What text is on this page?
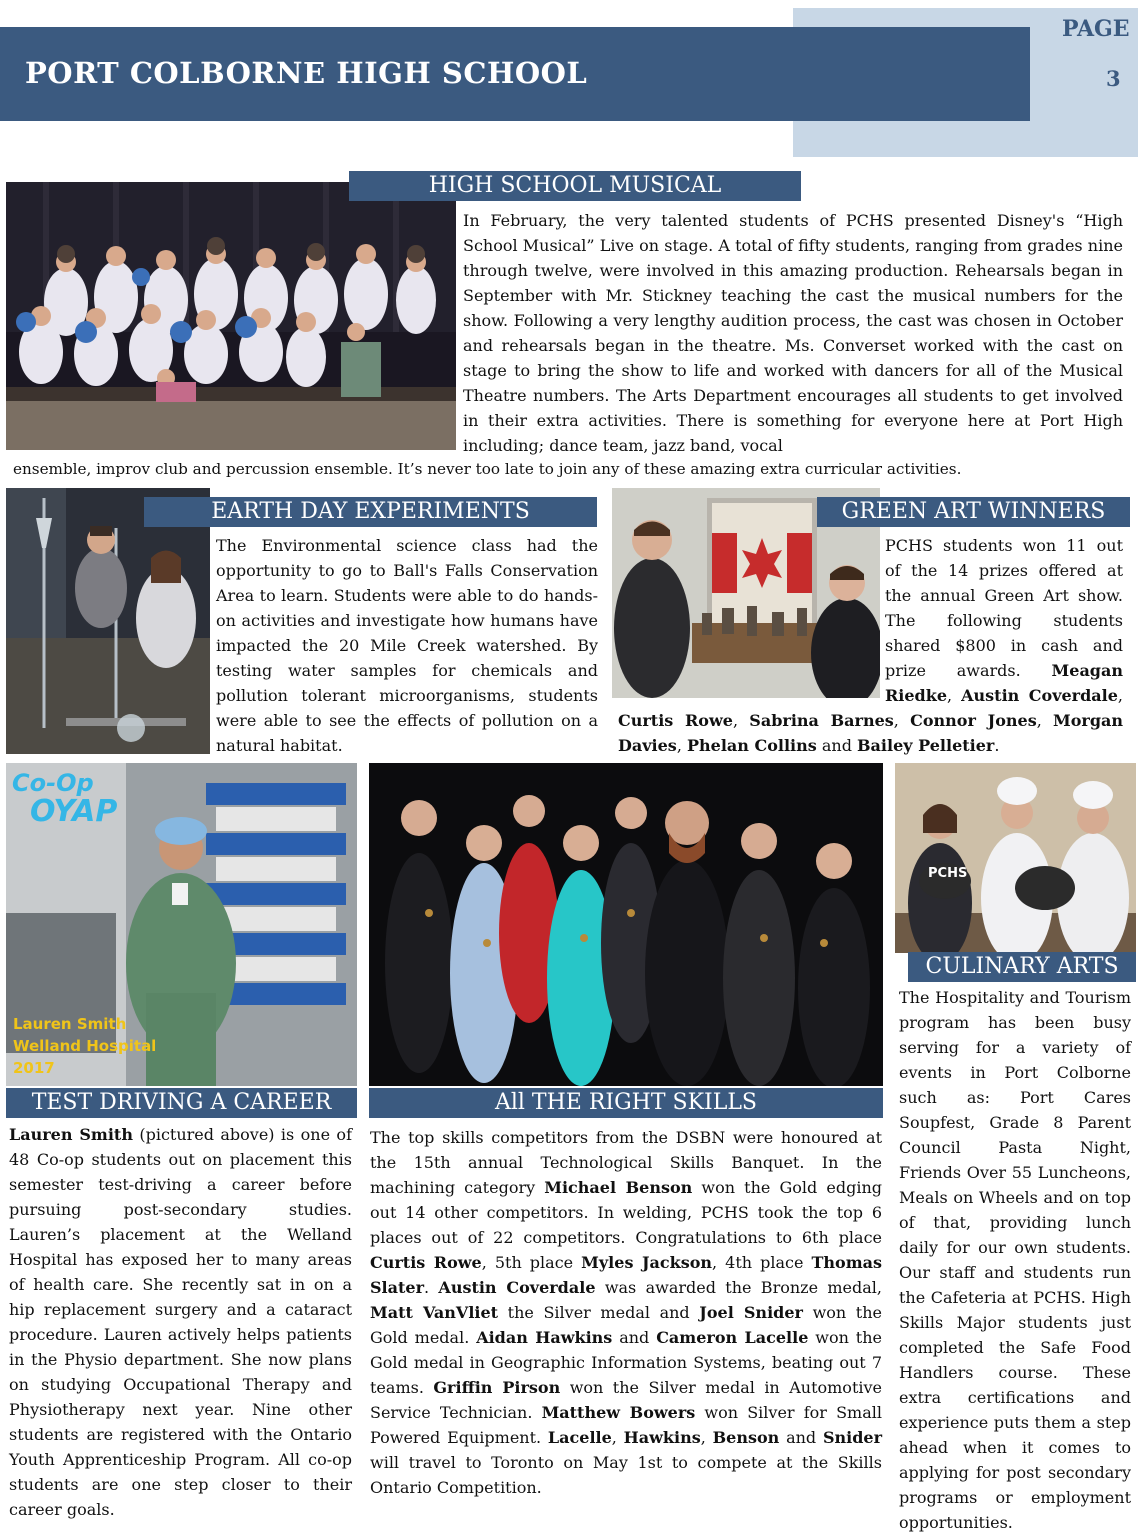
PAGE
3
PORT COLBORNE HIGH SCHOOL
HIGH SCHOOL MUSICAL

In February, the very talented students of PCHS presented Disney's “High School Musical” Live on stage. A total of fifty students, ranging from grades nine through twelve, were involved in this amazing production. Rehearsals began in September with Mr. Stickney teaching the cast the musical numbers for the show. Following a very lengthy audition process, the cast was chosen in October and rehearsals began in the theatre. Ms. Converset worked with the cast on stage to bring the show to life and worked with dancers for all of the Musical Theatre numbers. The Arts Department encourages all students to get involved in their extra activities. There is something for everyone here at Port High including; dance team, jazz band, vocal

ensemble, improv club and percussion ensemble. It’s never too late to join any of these amazing extra curricular activities.
EARTH DAY EXPERIMENTS
The Environmental science class had the opportunity to go to Ball's Falls Conservation Area to learn. Students were able to do hands-on activities and investigate how humans have impacted the 20 Mile Creek watershed. By testing water samples for chemicals and pollution tolerant microorganisms, students were able to see the effects of pollution on a natural habitat.
GREEN ART WINNERS
PCHS students won 11 out of the 14 prizes offered at the annual Green Art show. The following students shared $800 in cash and prize awards. Meagan Riedke, Austin Coverdale, Curtis Rowe, Sabrina Barnes, Connor Jones, Morgan Davies, Phelan Collins and Bailey Pelletier.
Co-Op
OYAP
Lauren Smith
Welland Hospital
2017
TEST DRIVING A CAREER
Lauren Smith (pictured above) is one of 48 Co-op students out on placement this semester test-driving a career before pursuing post-secondary studies. Lauren’s placement at the Welland Hospital has exposed her to many areas of health care. She recently sat in on a hip replacement surgery and a cataract procedure. Lauren actively helps patients in the Physio department. She now plans on studying Occupational Therapy and Physiotherapy next year. Nine other students are registered with the Ontario Youth Apprenticeship Program. All co-op students are one step closer to their career goals.
All THE RIGHT SKILLS
The top skills competitors from the DSBN were honoured at the 15th annual Technological Skills Banquet. In the machining category Michael Benson won the Gold edging out 14 other competitors. In welding, PCHS took the top 6 places out of 22 competitors. Congratulations to 6th place Curtis Rowe, 5th place Myles Jackson, 4th place Thomas Slater. Austin Coverdale was awarded the Bronze medal, Matt VanVliet the Silver medal and Joel Snider won the Gold medal. Aidan Hawkins and Cameron Lacelle won the Gold medal in Geographic Information Systems, beating out 7 teams. Griffin Pirson won the Silver medal in Automotive Service Technician. Matthew Bowers won Silver for Small Powered Equipment. Lacelle, Hawkins, Benson and Snider will travel to Toronto on May 1st to compete at the Skills Ontario Competition.
PCHS
CULINARY ARTS
The Hospitality and Tourism program has been busy serving for a variety of events in Port Colborne such as: Port Cares Soupfest, Grade 8 Parent Council Pasta Night, Friends Over 55 Luncheons, Meals on Wheels and on top of that, providing lunch daily for our own students. Our staff and students run the Cafeteria at PCHS. High Skills Major students just completed the Safe Food Handlers course. These extra certifications and experience puts them a step ahead when it comes to applying for post secondary programs or employment opportunities.
